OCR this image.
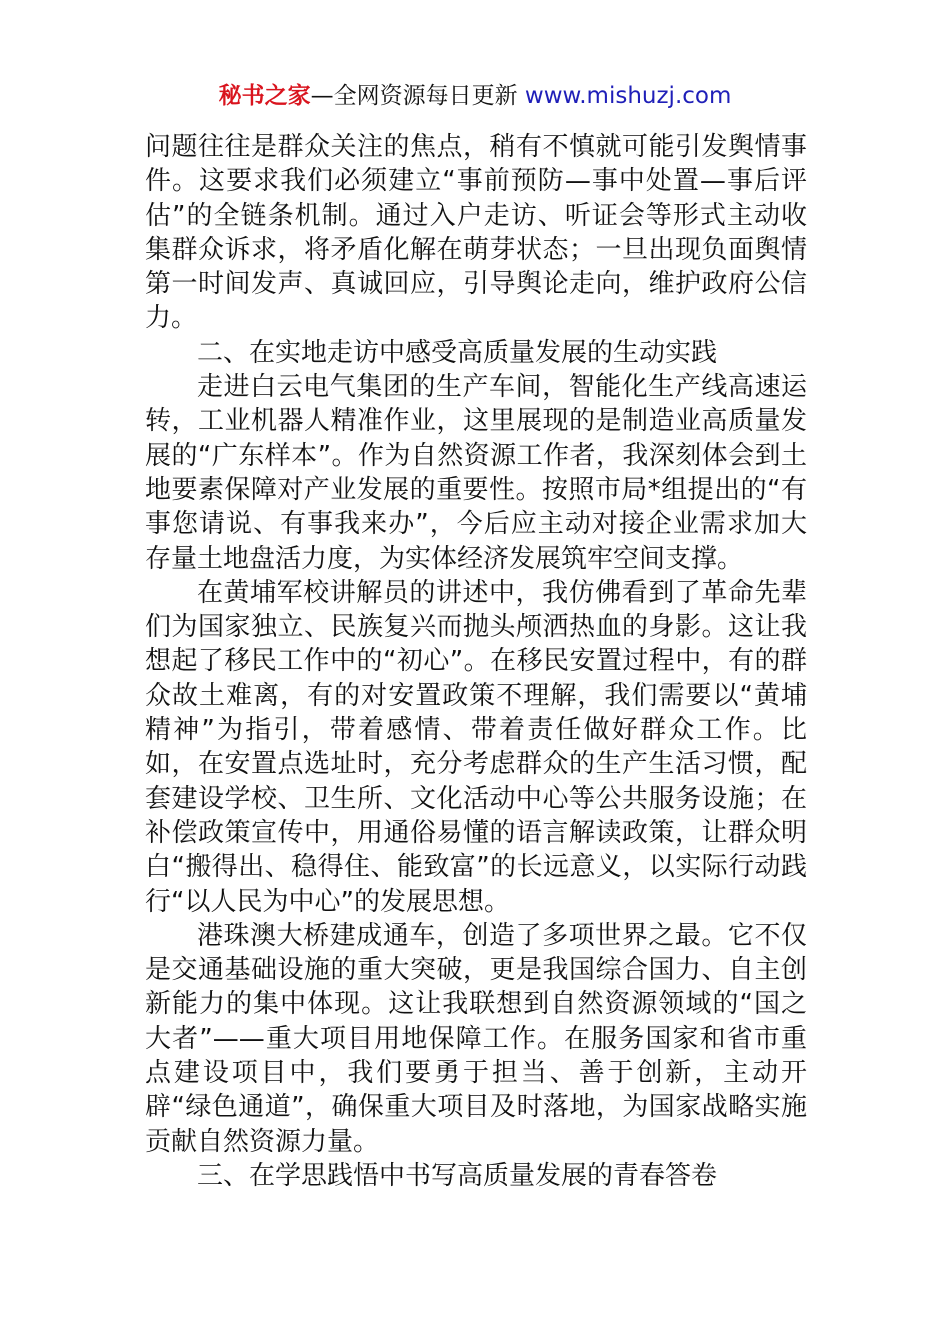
秘书之家—全网资源每日更新 www.mishuzj.com

问题往往是群众关注的焦点，稍有不慎就可能引发舆情事件。这要求我们必须建立“事前预防—事中处置—事后评估”的全链条机制。通过入户走访、听证会等形式主动收集群众诉求，将矛盾化解在萌芽状态；一旦出现负面舆情第一时间发声、真诚回应，引导舆论走向，维护政府公信力。

二、在实地走访中感受高质量发展的生动实践

走进白云电气集团的生产车间，智能化生产线高速运转，工业机器人精准作业，这里展现的是制造业高质量发展的“广东样本”。作为自然资源工作者，我深刻体会到土地要素保障对产业发展的重要性。按照市局*组提出的“有事您请说、有事我来办”，今后应主动对接企业需求加大存量土地盘活力度，为实体经济发展筑牢空间支撑。

在黄埔军校讲解员的讲述中，我仿佛看到了革命先辈们为国家独立、民族复兴而抛头颅洒热血的身影。这让我想起了移民工作中的“初心”。在移民安置过程中，有的群众故土难离，有的对安置政策不理解，我们需要以“黄埔精神”为指引，带着感情、带着责任做好群众工作。比如，在安置点选址时，充分考虑群众的生产生活习惯，配套建设学校、卫生所、文化活动中心等公共服务设施；在补偿政策宣传中，用通俗易懂的语言解读政策，让群众明白“搬得出、稳得住、能致富”的长远意义，以实际行动践行“以人民为中心”的发展思想。

港珠澳大桥建成通车，创造了多项世界之最。它不仅是交通基础设施的重大突破，更是我国综合国力、自主创新能力的集中体现。这让我联想到自然资源领域的“国之大者”——重大项目用地保障工作。在服务国家和省市重点建设项目中，我们要勇于担当、善于创新，主动开辟“绿色通道”，确保重大项目及时落地，为国家战略实施贡献自然资源力量。

三、在学思践悟中书写高质量发展的青春答卷
